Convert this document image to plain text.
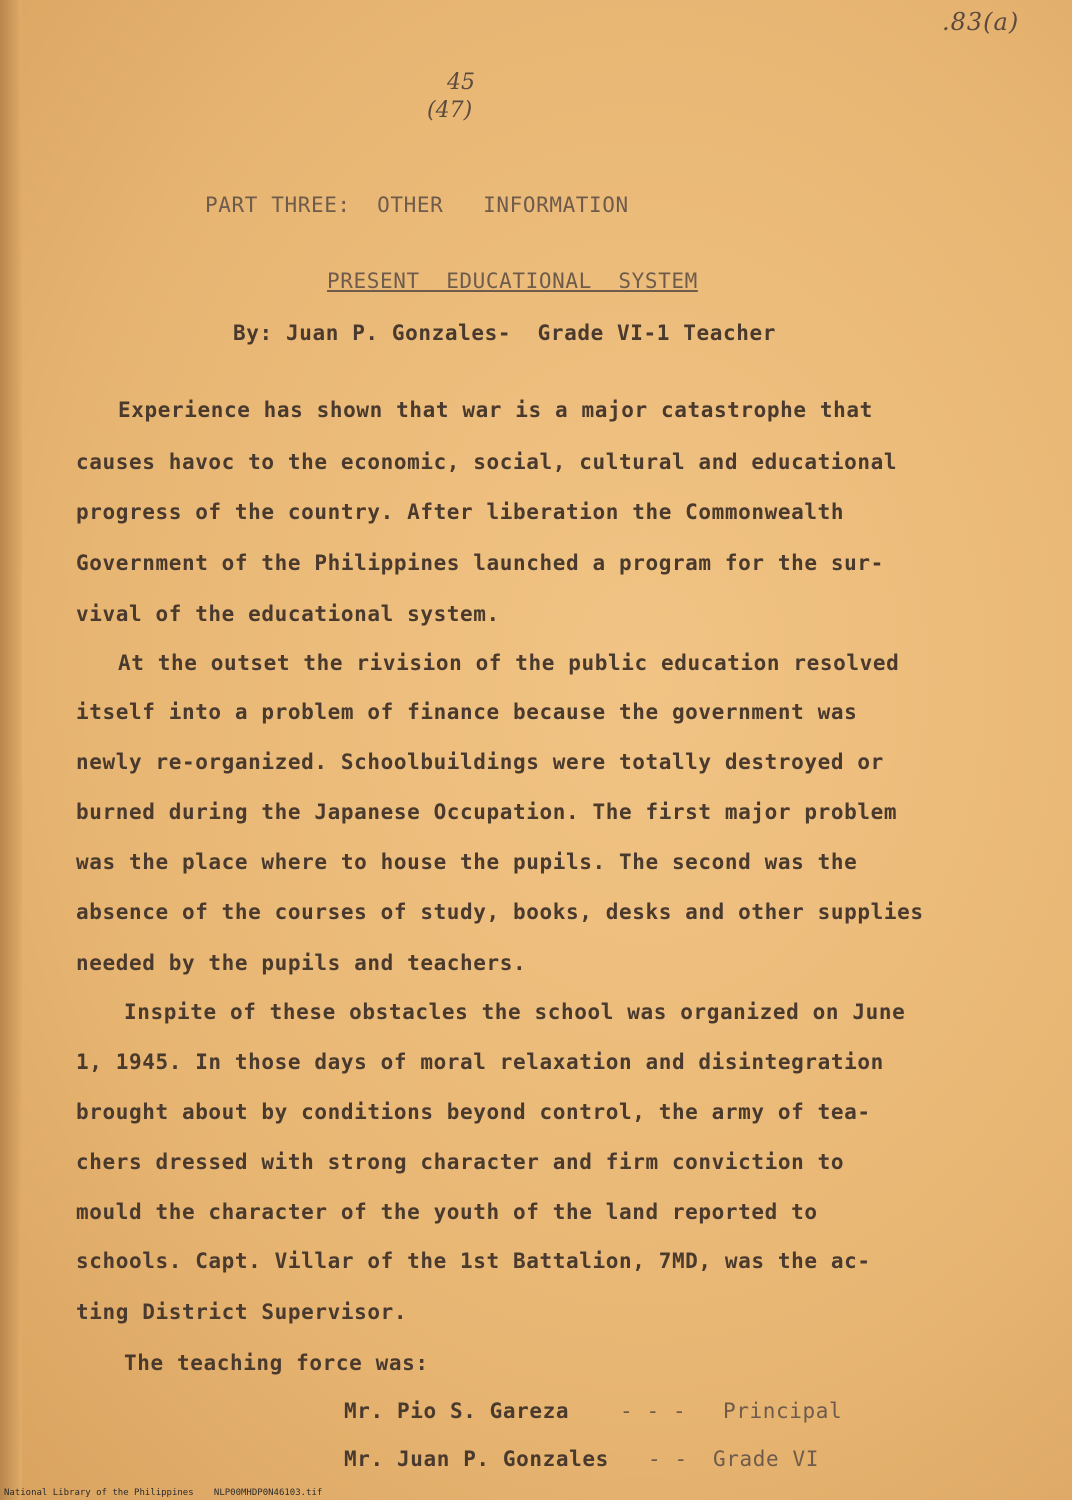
.83(a)
45
(47)
PART THREE:  OTHER   INFORMATION
PRESENT  EDUCATIONAL  SYSTEM
By: Juan P. Gonzales-  Grade VI-1 Teacher
Experience has shown that war is a major catastrophe that
causes havoc to the economic, social, cultural and educational
progress of the country. After liberation the Commonwealth
Government of the Philippines launched a program for the sur-
vival of the educational system.
At the outset the rivision of the public education resolved
itself into a problem of finance because the government was
newly re-organized. Schoolbuildings were totally destroyed or
burned during the Japanese Occupation. The first major problem
was the place where to house the pupils. The second was the
absence of the courses of study, books, desks and other supplies
needed by the pupils and teachers.
Inspite of these obstacles the school was organized on June
1, 1945. In those days of moral relaxation and disintegration
brought about by conditions beyond control, the army of tea-
chers dressed with strong character and firm conviction to
mould the character of the youth of the land reported to
schools. Capt. Villar of the 1st Battalion, 7MD, was the ac-
ting District Supervisor.
The teaching force was:
Mr. Pio S. Gareza - - - Principal
Mr. Juan P. Gonzales - - Grade VI
National Library of the Philippines NLP00MHDP0N46103.tif
